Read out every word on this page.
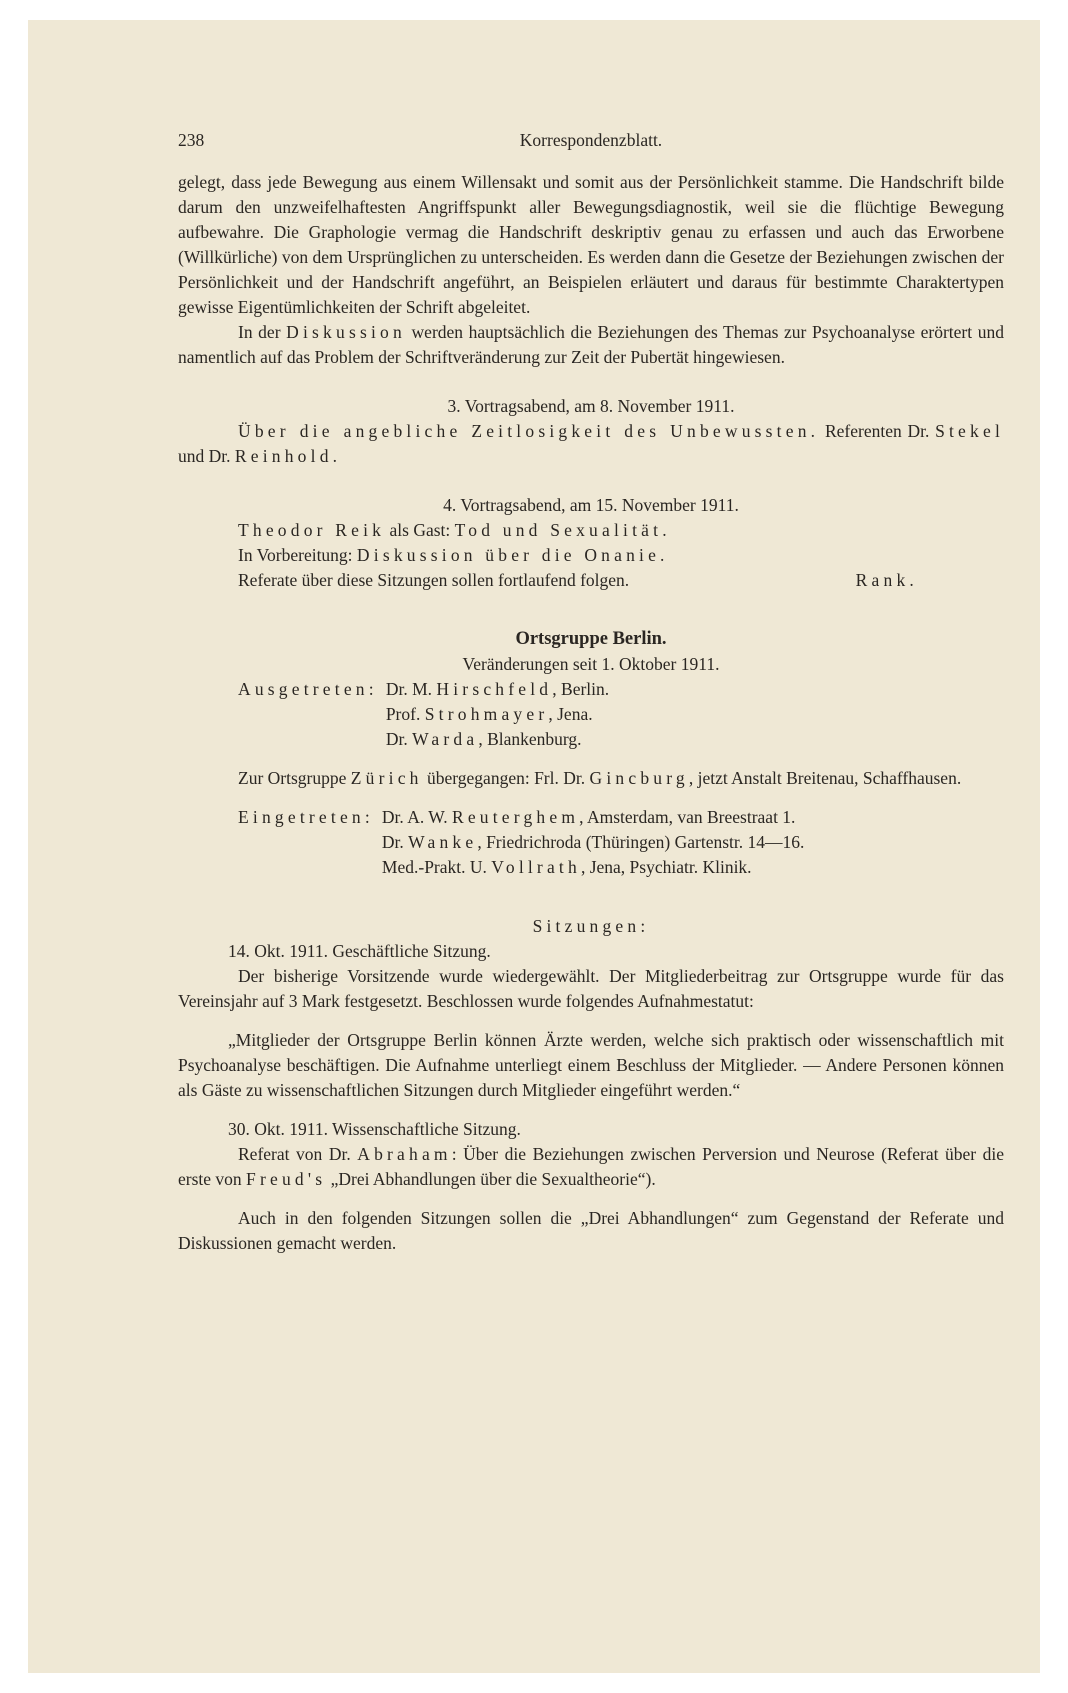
238	Korrespondenzblatt.

gelegt, dass jede Bewegung aus einem Willensakt und somit aus der Persönlichkeit stamme. Die Handschrift bilde darum den unzweifelhaftesten Angriffspunkt aller Bewegungsdiagnostik, weil sie die flüchtige Bewegung aufbewahre. Die Graphologie vermag die Handschrift deskriptiv genau zu erfassen und auch das Erworbene (Willkürliche) von dem Ursprünglichen zu unterscheiden. Es werden dann die Gesetze der Beziehungen zwischen der Persönlichkeit und der Handschrift angeführt, an Beispielen erläutert und daraus für bestimmte Charaktertypen gewisse Eigentümlichkeiten der Schrift abgeleitet.

In der Diskussion werden hauptsächlich die Beziehungen des Themas zur Psychoanalyse erörtert und namentlich auf das Problem der Schriftveränderung zur Zeit der Pubertät hingewiesen.

3. Vortragsabend, am 8. November 1911.

Über die angebliche Zeitlosigkeit des Unbewussten. Referenten Dr. Stekel und Dr. Reinhold.

4. Vortragsabend, am 15. November 1911.

Theodor Reik als Gast: Tod und Sexualität.

In Vorbereitung: Diskussion über die Onanie.

Referate über diese Sitzungen sollen fortlaufend folgen.	Rank.

Ortsgruppe Berlin.

Veränderungen seit 1. Oktober 1911.

Ausgetreten: Dr. M. Hirschfeld, Berlin.
Prof. Strohmayer, Jena.
Dr. Warda, Blankenburg.

Zur Ortsgruppe Zürich übergegangen: Frl. Dr. Gincburg, jetzt Anstalt Breitenau, Schaffhausen.

Eingetreten: Dr. A. W. Reuterghem, Amsterdam, van Breestraat 1.
Dr. Wanke, Friedrichroda (Thüringen) Gartenstr. 14—16.
Med.-Prakt. U. Vollrath, Jena, Psychiatr. Klinik.

Sitzungen:

14. Okt. 1911. Geschäftliche Sitzung.

Der bisherige Vorsitzende wurde wiedergewählt. Der Mitgliederbeitrag zur Ortsgruppe wurde für das Vereinsjahr auf 3 Mark festgesetzt. Beschlossen wurde folgendes Aufnahmestatut:

„Mitglieder der Ortsgruppe Berlin können Ärzte werden, welche sich praktisch oder wissenschaftlich mit Psychoanalyse beschäftigen. Die Aufnahme unterliegt einem Beschluss der Mitglieder. — Andere Personen können als Gäste zu wissenschaftlichen Sitzungen durch Mitglieder eingeführt werden.“

30. Okt. 1911. Wissenschaftliche Sitzung.

Referat von Dr. Abraham: Über die Beziehungen zwischen Perversion und Neurose (Referat über die erste von Freud's „Drei Abhandlungen über die Sexualtheorie“).

Auch in den folgenden Sitzungen sollen die „Drei Abhandlungen“ zum Gegenstand der Referate und Diskussionen gemacht werden.
